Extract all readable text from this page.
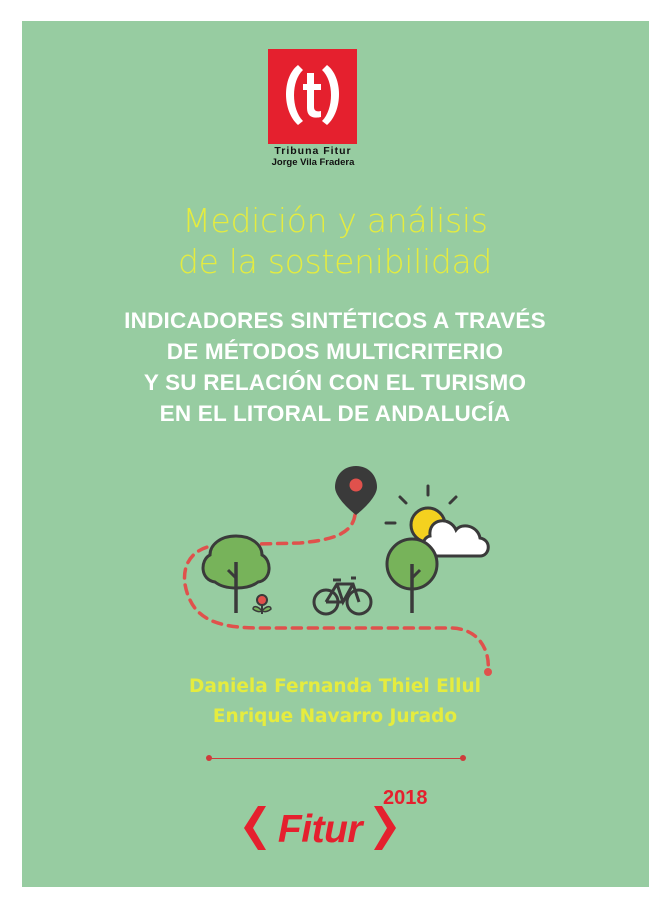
Tribuna Fitur
Jorge Vila Fradera
Medición y análisis
de la sostenibilidad
INDICADORES SINTÉTICOS A TRAVÉS
DE MÉTODOS MULTICRITERIO
Y SU RELACIÓN CON EL TURISMO
EN EL LITORAL DE ANDALUCÍA
Daniela Fernanda Thiel Ellul
Enrique Navarro Jurado
Fitur
2018
